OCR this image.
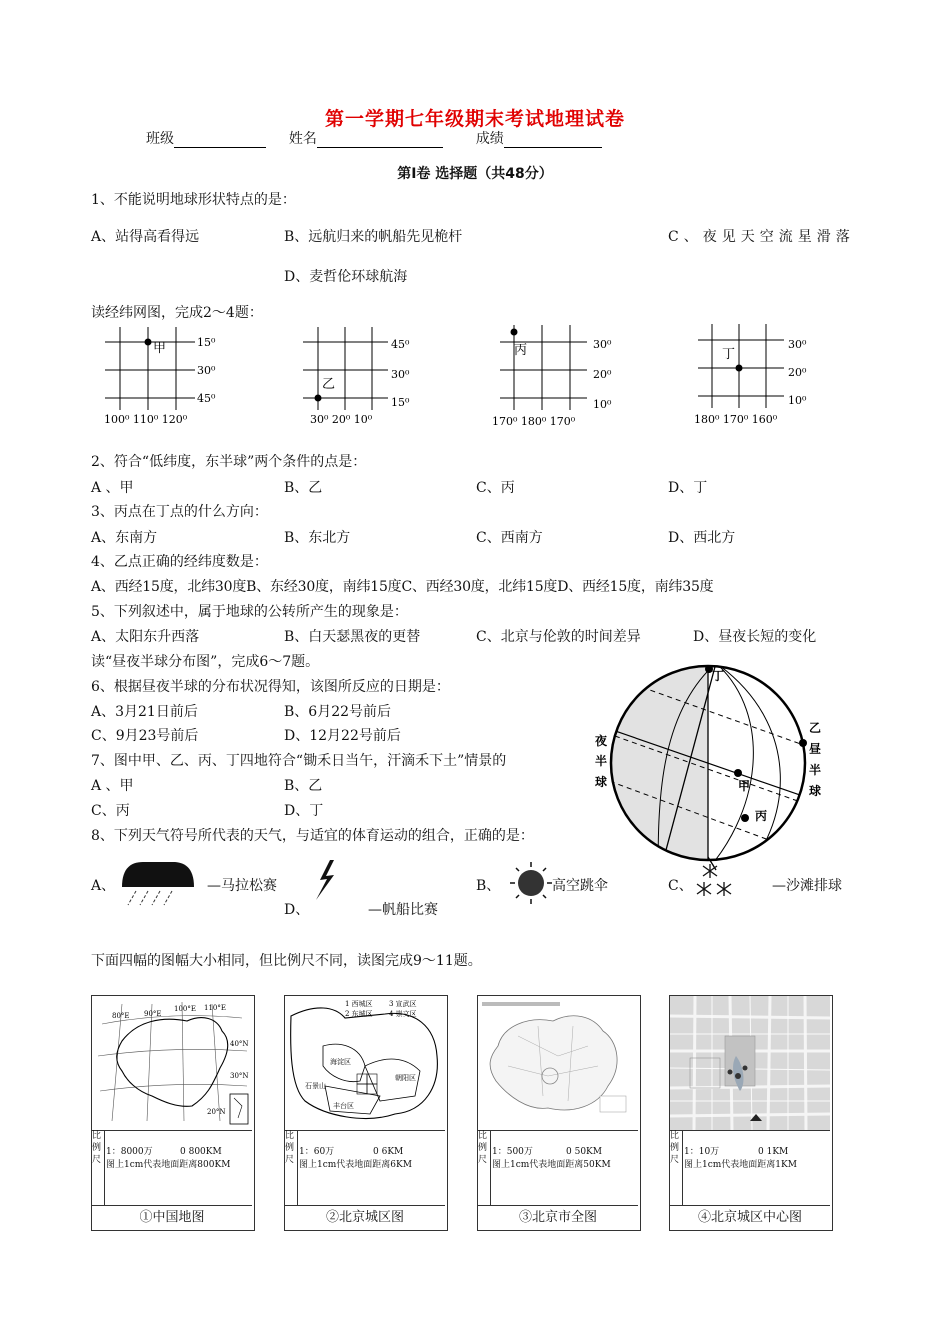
第一学期七年级期末考试地理试卷
班级	姓名	成绩
第Ⅰ卷 选择题（共48分）
1、不能说明地球形状特点的是：
A、站得高看得远	B、远航归来的帆船先见桅杆	C、夜见天空流星滑落
D、麦哲伦环球航海
读经纬网图，完成2～4题：
甲	15⁰
30⁰
45⁰
100⁰ 110⁰ 120⁰
乙
45⁰
30⁰
15⁰
30⁰ 20⁰ 10⁰
丙	30⁰
20⁰
10⁰
170⁰ 180⁰ 170⁰
丁
30⁰
20⁰
10⁰
180⁰ 170⁰ 160⁰
2、符合“低纬度，东半球”两个条件的点是：
A 、甲	B、乙	C、丙	D、丁
3、丙点在丁点的什么方向：
A、东南方	B、东北方	C、西南方	D、西北方
4、乙点正确的经纬度数是：
A、西经15度，北纬30度B、东经30度，南纬15度C、西经30度，北纬15度D、西经15度，南纬35度
5、下列叙述中，属于地球的公转所产生的现象是：
A、太阳东升西落	B、白天瑟黑夜的更替	C、北京与伦敦的时间差异	D、昼夜长短的变化
读“昼夜半球分布图”，完成6～7题。
6、根据昼夜半球的分布状况得知，该图所反应的日期是：
A、3月21日前后	B、6月22号前后
C、9月23号前后	D、12月22号前后
7、图中甲、乙、丙、丁四地符合“锄禾日当午，汗滴禾下土”情景的
A 、甲	B、乙
C、丙	D、丁
丁
甲
丙
乙
夜
半
球
昼
半
球
8、下列天气符号所代表的天气，与适宜的体育运动的组合，正确的是：
A、	—马拉松赛
D、	—帆船比赛
B、	高空跳伞	C、	—沙滩排球
下面四幅的图幅大小相同，但比例尺不同，读图完成9～11题。
80°E 90°E
100°E 110°E
40°N
30°N
20°N
比
例
尺
1：8000万	0 800KM
图上1cm代表地面距离800KM
①中国地图
1 西城区 3 宣武区
2 东城区 4 崇文区
海淀区
朝阳区
丰台区
石景山
比
例
尺
1：60万	0 6KM
图上1cm代表地面距离6KM
②北京城区图
比
例
尺
1：500万	0 50KM
图上1cm代表地面距离50KM
③北京市全图
比
例
尺
1：10万	0 1KM
图上1cm代表地面距离1KM
④北京城区中心图
